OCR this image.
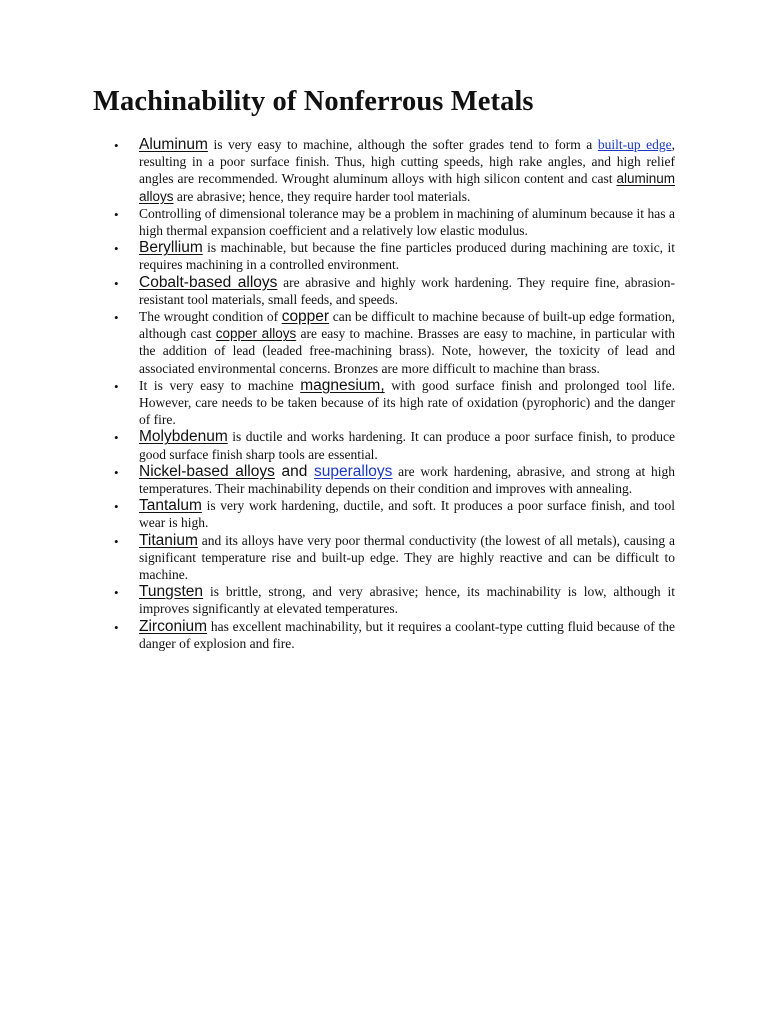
Machinability of Nonferrous Metals
•	Aluminum is very easy to machine, although the softer grades tend to form a built-up edge, resulting in a poor surface finish. Thus, high cutting speeds, high rake angles, and high relief angles are recommended. Wrought aluminum alloys with high silicon content and cast aluminum alloys are abrasive; hence, they require harder tool materials.
•	Controlling of dimensional tolerance may be a problem in machining of aluminum because it has a high thermal expansion coefficient and a relatively low elastic modulus.
•	Beryllium is machinable, but because the fine particles produced during machining are toxic, it requires machining in a controlled environment.
•	Cobalt-based alloys are abrasive and highly work hardening. They require fine, abrasion-resistant tool materials, small feeds, and speeds.
•	The wrought condition of copper can be difficult to machine because of built-up edge formation, although cast copper alloys are easy to machine. Brasses are easy to machine, in particular with the addition of lead (leaded free-machining brass). Note, however, the toxicity of lead and associated environmental concerns. Bronzes are more difficult to machine than brass.
•	It is very easy to machine magnesium, with good surface finish and prolonged tool life. However, care needs to be taken because of its high rate of oxidation (pyrophoric) and the danger of fire.
•	Molybdenum is ductile and works hardening. It can produce a poor surface finish, to produce good surface finish sharp tools are essential.
•	Nickel-based alloys and superalloys are work hardening, abrasive, and strong at high temperatures. Their machinability depends on their condition and improves with annealing.
•	Tantalum is very work hardening, ductile, and soft. It produces a poor surface finish, and tool wear is high.
•	Titanium and its alloys have very poor thermal conductivity (the lowest of all metals), causing a significant temperature rise and built-up edge. They are highly reactive and can be difficult to machine.
•	Tungsten is brittle, strong, and very abrasive; hence, its machinability is low, although it improves significantly at elevated temperatures.
•	Zirconium has excellent machinability, but it requires a coolant-type cutting fluid because of the danger of explosion and fire.
